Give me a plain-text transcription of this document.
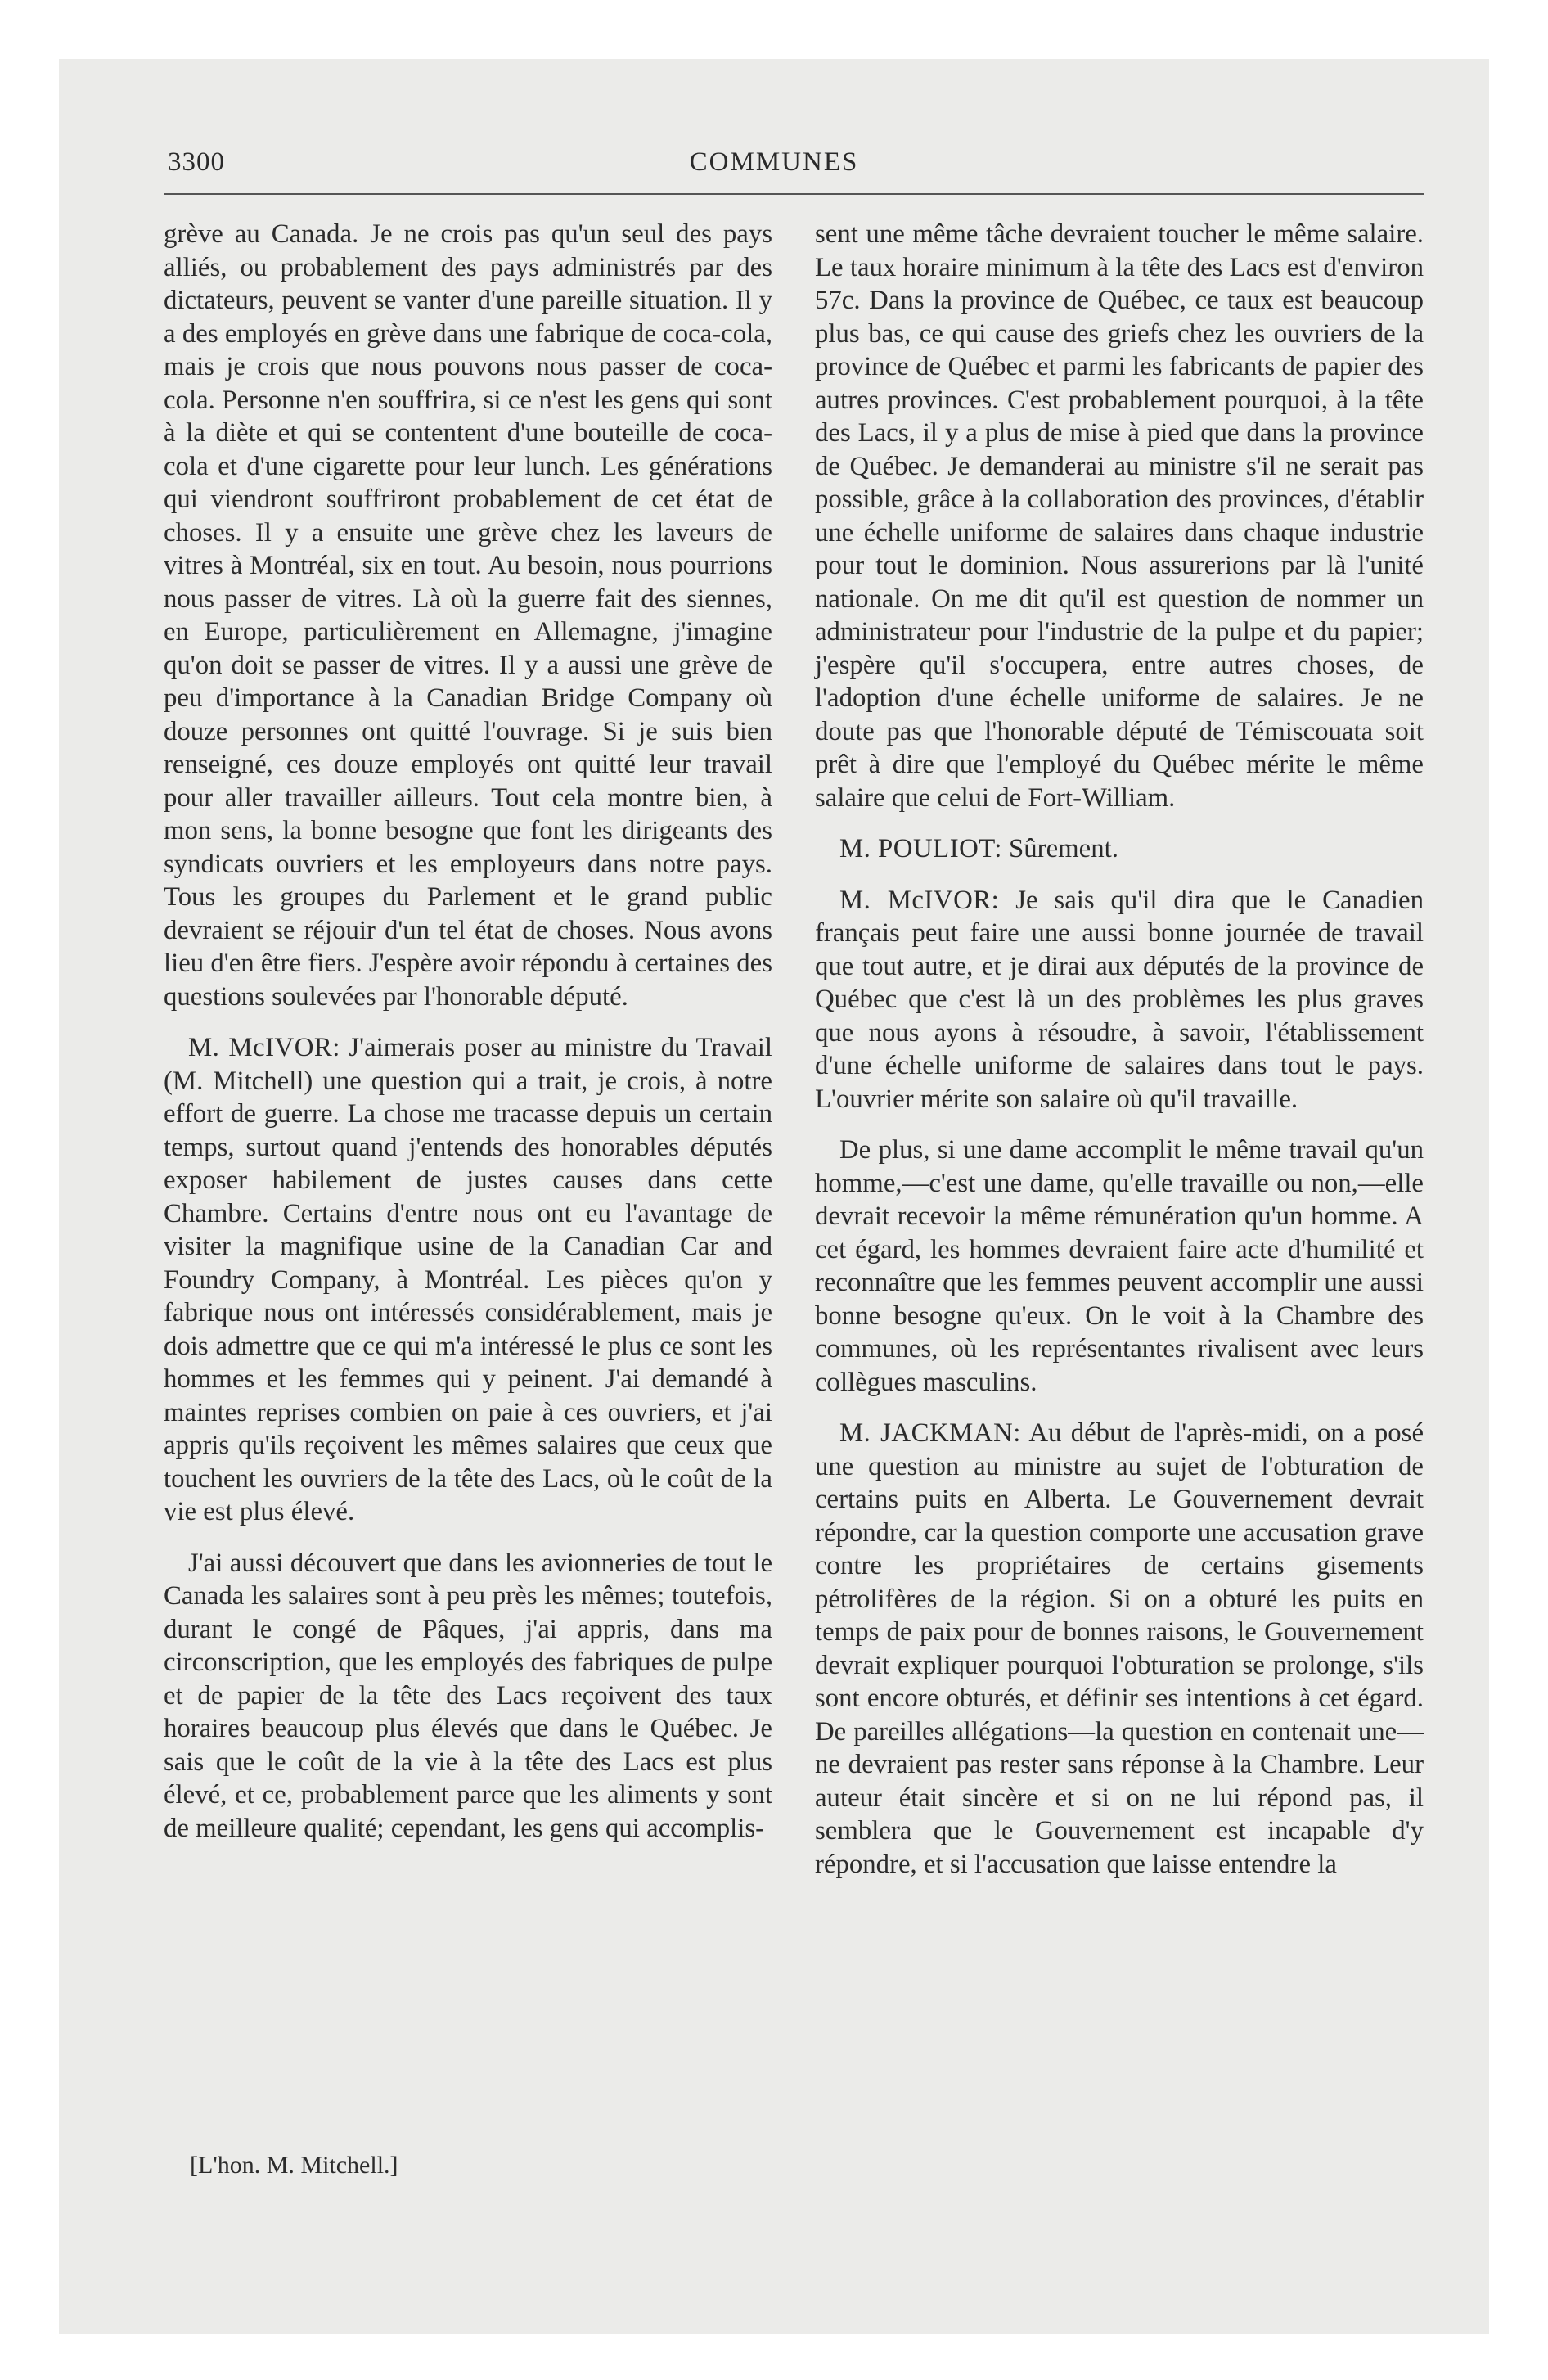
3300	COMMUNES

grève au Canada. Je ne crois pas qu'un seul des pays alliés, ou probablement des pays administrés par des dictateurs, peuvent se vanter d'une pareille situation. Il y a des employés en grève dans une fabrique de coca-cola, mais je crois que nous pouvons nous passer de coca-cola. Personne n'en souffrira, si ce n'est les gens qui sont à la diète et qui se contentent d'une bouteille de coca-cola et d'une cigarette pour leur lunch. Les générations qui viendront souffriront probablement de cet état de choses. Il y a ensuite une grève chez les laveurs de vitres à Montréal, six en tout. Au besoin, nous pourrions nous passer de vitres. Là où la guerre fait des siennes, en Europe, particulièrement en Allemagne, j'imagine qu'on doit se passer de vitres. Il y a aussi une grève de peu d'importance à la Canadian Bridge Company où douze personnes ont quitté l'ouvrage. Si je suis bien renseigné, ces douze employés ont quitté leur travail pour aller travailler ailleurs. Tout cela montre bien, à mon sens, la bonne besogne que font les dirigeants des syndicats ouvriers et les employeurs dans notre pays. Tous les groupes du Parlement et le grand public devraient se réjouir d'un tel état de choses. Nous avons lieu d'en être fiers. J'espère avoir répondu à certaines des questions soulevées par l'honorable député.

M. McIVOR: J'aimerais poser au ministre du Travail (M. Mitchell) une question qui a trait, je crois, à notre effort de guerre. La chose me tracasse depuis un certain temps, surtout quand j'entends des honorables députés exposer habilement de justes causes dans cette Chambre. Certains d'entre nous ont eu l'avantage de visiter la magnifique usine de la Canadian Car and Foundry Company, à Montréal. Les pièces qu'on y fabrique nous ont intéressés considérablement, mais je dois admettre que ce qui m'a intéressé le plus ce sont les hommes et les femmes qui y peinent. J'ai demandé à maintes reprises combien on paie à ces ouvriers, et j'ai appris qu'ils reçoivent les mêmes salaires que ceux que touchent les ouvriers de la tête des Lacs, où le coût de la vie est plus élevé.

J'ai aussi découvert que dans les avionneries de tout le Canada les salaires sont à peu près les mêmes; toutefois, durant le congé de Pâques, j'ai appris, dans ma circonscription, que les employés des fabriques de pulpe et de papier de la tête des Lacs reçoivent des taux horaires beaucoup plus élevés que dans le Québec. Je sais que le coût de la vie à la tête des Lacs est plus élevé, et ce, probablement parce que les aliments y sont de meilleure qualité; cependant, les gens qui accomplis-

sent une même tâche devraient toucher le même salaire. Le taux horaire minimum à la tête des Lacs est d'environ 57c. Dans la province de Québec, ce taux est beaucoup plus bas, ce qui cause des griefs chez les ouvriers de la province de Québec et parmi les fabricants de papier des autres provinces. C'est probablement pourquoi, à la tête des Lacs, il y a plus de mise à pied que dans la province de Québec. Je demanderai au ministre s'il ne serait pas possible, grâce à la collaboration des provinces, d'établir une échelle uniforme de salaires dans chaque industrie pour tout le dominion. Nous assurerions par là l'unité nationale. On me dit qu'il est question de nommer un administrateur pour l'industrie de la pulpe et du papier; j'espère qu'il s'occupera, entre autres choses, de l'adoption d'une échelle uniforme de salaires. Je ne doute pas que l'honorable député de Témiscouata soit prêt à dire que l'employé du Québec mérite le même salaire que celui de Fort-William.

M. POULIOT: Sûrement.

M. McIVOR: Je sais qu'il dira que le Canadien français peut faire une aussi bonne journée de travail que tout autre, et je dirai aux députés de la province de Québec que c'est là un des problèmes les plus graves que nous ayons à résoudre, à savoir, l'établissement d'une échelle uniforme de salaires dans tout le pays. L'ouvrier mérite son salaire où qu'il travaille.

De plus, si une dame accomplit le même travail qu'un homme,—c'est une dame, qu'elle travaille ou non,—elle devrait recevoir la même rémunération qu'un homme. A cet égard, les hommes devraient faire acte d'humilité et reconnaître que les femmes peuvent accomplir une aussi bonne besogne qu'eux. On le voit à la Chambre des communes, où les représentantes rivalisent avec leurs collègues masculins.

M. JACKMAN: Au début de l'après-midi, on a posé une question au ministre au sujet de l'obturation de certains puits en Alberta. Le Gouvernement devrait répondre, car la question comporte une accusation grave contre les propriétaires de certains gisements pétrolifères de la région. Si on a obturé les puits en temps de paix pour de bonnes raisons, le Gouvernement devrait expliquer pourquoi l'obturation se prolonge, s'ils sont encore obturés, et définir ses intentions à cet égard. De pareilles allégations—la question en contenait une—ne devraient pas rester sans réponse à la Chambre. Leur auteur était sincère et si on ne lui répond pas, il semblera que le Gouvernement est incapable d'y répondre, et si l'accusation que laisse entendre la

[L'hon. M. Mitchell.]
